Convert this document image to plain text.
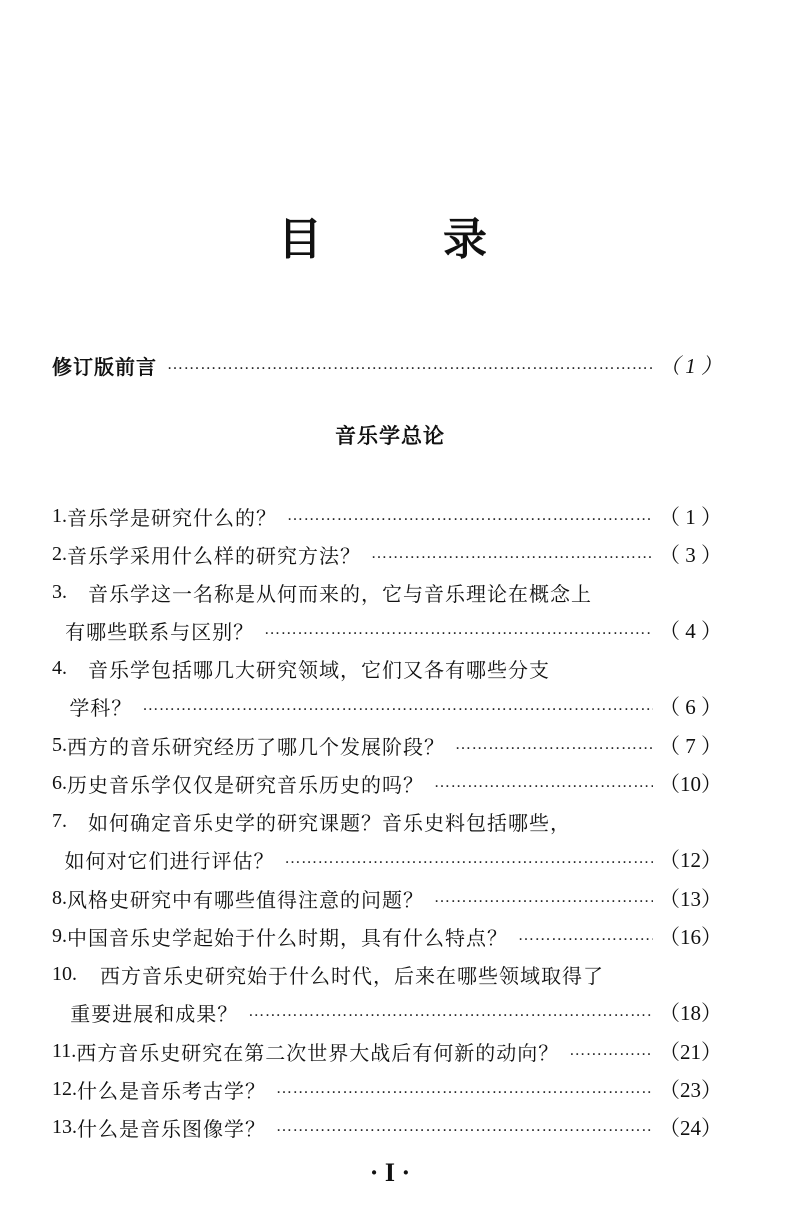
目	录
修订版前言 …………………………………………………………………………………………………………………………………………………………………………	（ 1 ）
音乐学总论
1. 音乐学是研究什么的？ …………………………………………………………………………………………………………………………………………………………………………	（ 1 ）
2. 音乐学采用什么样的研究方法？ …………………………………………………………………………………………………………………………………………………………………………	（ 3 ）
3.	音乐学这一名称是从何而来的，它与音乐理论在概念上
有哪些联系与区别？ …………………………………………………………………………………………………………………………………………………………………………	（ 4 ）
4.	音乐学包括哪几大研究领域，它们又各有哪些分支
学科？ …………………………………………………………………………………………………………………………………………………………………………	（ 6 ）
5. 西方的音乐研究经历了哪几个发展阶段？ …………………………………………………………………………………………………………………………………………………………………………	（ 7 ）
6. 历史音乐学仅仅是研究音乐历史的吗？ …………………………………………………………………………………………………………………………………………………………………………	（10）
7.	如何确定音乐史学的研究课题？音乐史料包括哪些，
如何对它们进行评估？ …………………………………………………………………………………………………………………………………………………………………………	（12）
8. 风格史研究中有哪些值得注意的问题？ …………………………………………………………………………………………………………………………………………………………………………	（13）
9. 中国音乐史学起始于什么时期，具有什么特点？ …………………………………………………………………………………………………………………………………………………………………………	（16）
10.	西方音乐史研究始于什么时代，后来在哪些领域取得了
重要进展和成果？ …………………………………………………………………………………………………………………………………………………………………………	（18）
11. 西方音乐史研究在第二次世界大战后有何新的动向？ …………………………………………………………………………………………………………………………………………………………………………	（21）
12. 什么是音乐考古学？ …………………………………………………………………………………………………………………………………………………………………………	（23）
13. 什么是音乐图像学？ …………………………………………………………………………………………………………………………………………………………………………	（24）
· I ·
